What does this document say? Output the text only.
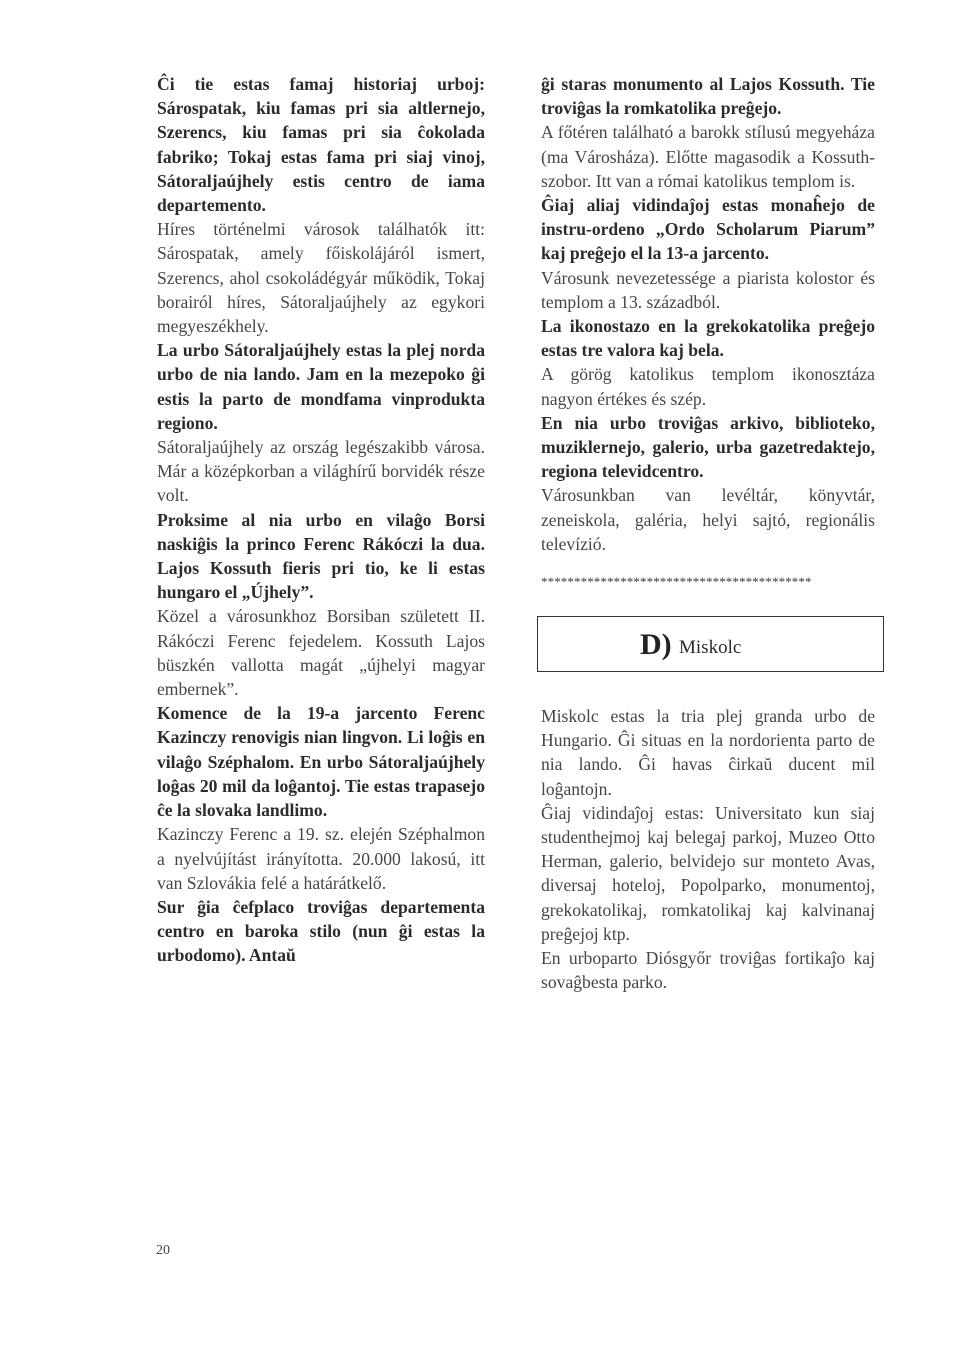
Ĉi tie estas famaj historiaj urboj: Sárospatak, kiu famas pri sia altlernejo, Szerencs, kiu famas pri sia ĉokolada fabriko; Tokaj estas fama pri siaj vinoj, Sátoraljaújhely estis centro de iama departemento.

Híres történelmi városok találhatók itt: Sárospatak, amely főiskolájáról ismert, Szerencs, ahol csokoládégyár működik, Tokaj borairól híres, Sátoraljaújhely az egykori megyeszékhely.

La urbo Sátoraljaújhely estas la plej norda urbo de nia lando. Jam en la mezepoko ĝi estis la parto de mondfama vinprodukta regiono.

Sátoraljaújhely az ország legészakibb városa. Már a középkorban a világhírű borvidék része volt.

Proksime al nia urbo en vilaĝo Borsi naskiĝis la princo Ferenc Rákóczi la dua. Lajos Kossuth fieris pri tio, ke li estas hungaro el „Újhely”.

Közel a városunkhoz Borsiban született II. Rákóczi Ferenc fejedelem. Kossuth Lajos büszkén vallotta magát „újhelyi magyar embernek”.

Komence de la 19-a jarcento Ferenc Kazinczy renovigis nian lingvon. Li loĝis en vilaĝo Széphalom. En urbo Sátoraljaújhely loĝas 20 mil da loĝantoj. Tie estas trapasejo ĉe la slovaka landlimo.

Kazinczy Ferenc a 19. sz. elején Széphalmon a nyelvújítást irányította. 20.000 lakosú, itt van Szlovákia felé a határátkelő.

Sur ĝia ĉefplaco troviĝas departementa centro en baroka stilo (nun ĝi estas la urbodomo). Antaŭ

ĝi staras monumento al Lajos Kossuth. Tie troviĝas la romkatolika preĝejo.

A főtéren található a barokk stílusú megyeháza (ma Városháza). Előtte magasodik a Kossuth-szobor. Itt van a római katolikus templom is.

Ĝiaj aliaj vidindaĵoj estas monaĥejo de instru-ordeno „Ordo Scholarum Piarum” kaj preĝejo el la 13-a jarcento.

Városunk nevezetessége a piarista kolostor és templom a 13. századból.

La ikonostazo en la grekokatolika preĝejo estas tre valora kaj bela.

A görög katolikus templom ikonosztáza nagyon értékes és szép.

En nia urbo troviĝas arkivo, biblioteko, muziklernejo, galerio, urba gazetredaktejo, regiona televidcentro.

Városunkban van levéltár, könyvtár, zeneiskola, galéria, helyi sajtó, regionális televízió.

*****************************************

D) Miskolc

Miskolc estas la tria plej granda urbo de Hungario. Ĝi situas en la nordorienta parto de nia lando. Ĝi havas ĉirkaŭ ducent mil loĝantojn.

Ĝiaj vidindaĵoj estas: Universitato kun siaj studenthejmoj kaj belegaj parkoj, Muzeo Otto Herman, galerio, belvidejo sur monteto Avas, diversaj hoteloj, Popolparko, monumentoj, grekokatolikaj, romkatolikaj kaj kalvinanaj preĝejoj ktp.

En urboparto Diósgyőr troviĝas fortikaĵo kaj sovaĝbesta parko.

20
